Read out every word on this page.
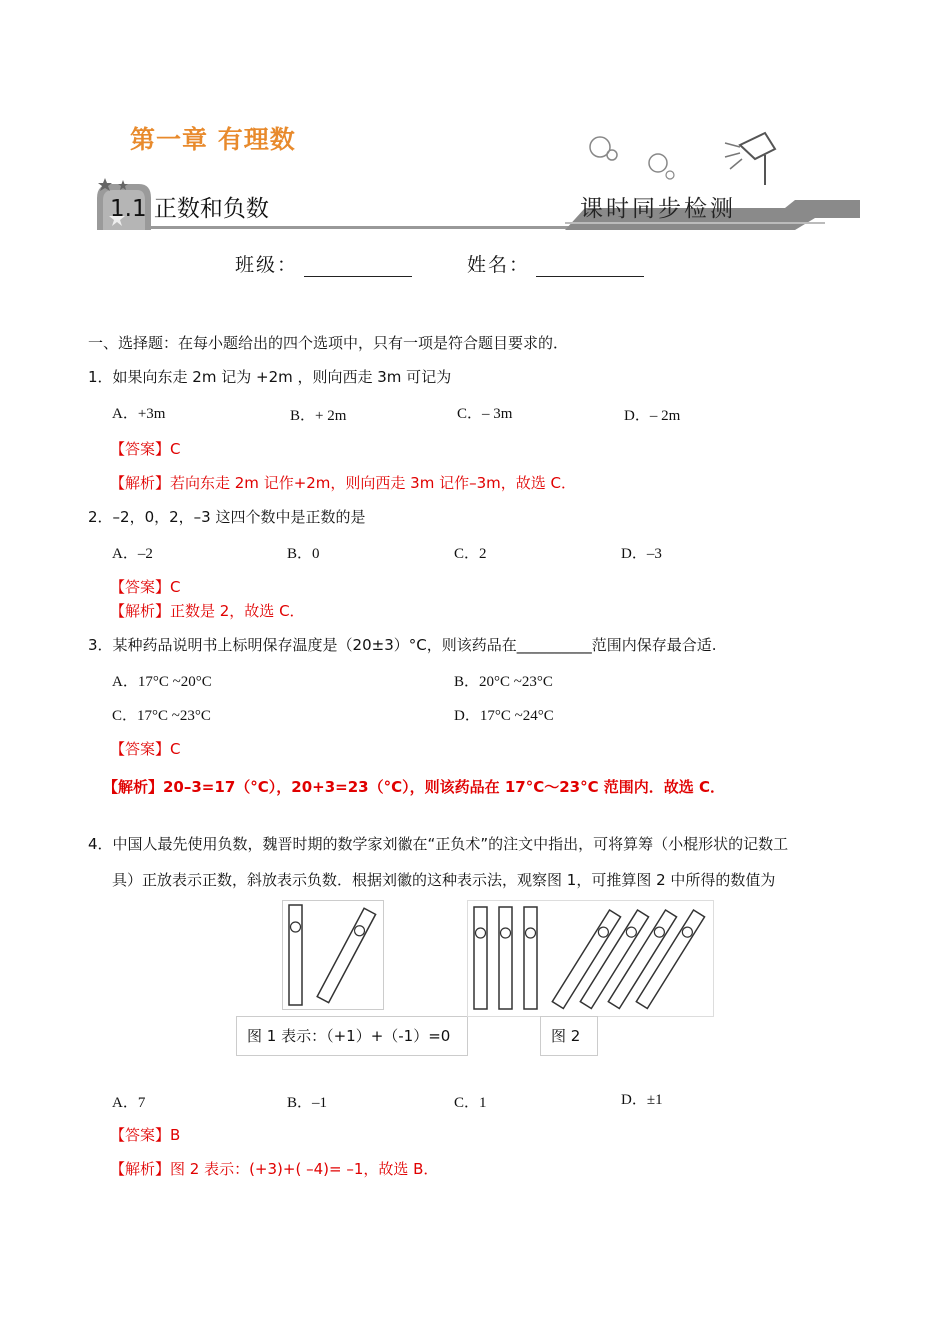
第一章 有理数
1.1 正数和负数	课时同步检测
班级：	姓名：
一、选择题：在每小题给出的四个选项中，只有一项是符合题目要求的．
1．如果向东走 2m 记为 +2m ，则向西走 3m 可记为
A．+3m	B．+ 2m	C．– 3m	D．– 2m
【答案】C
【解析】若向东走 2m 记作+2m，则向西走 3m 记作–3m，故选 C．
2．–2，0，2，–3 这四个数中是正数的是
A．–2	B．0	C．2	D．–3
【答案】C
【解析】正数是 2，故选 C．
3．某种药品说明书上标明保存温度是（20±3）°C，则该药品在__________范围内保存最合适.
A．17°C ~20°C	B．20°C ~23°C
C．17°C ~23°C	D．17°C ~24°C
【答案】C
【解析】20–3=17（°C），20+3=23（°C），则该药品在 17°C～23°C 范围内．故选 C．
4．中国人最先使用负数，魏晋时期的数学家刘徽在“正负术”的注文中指出，可将算筹（小棍形状的记数工
具）正放表示正数，斜放表示负数．根据刘徽的这种表示法，观察图 1，可推算图 2 中所得的数值为
图 1 表示：（+1）+（-1）=0	图 2
A．7	B．–1	C．1	D．±1
【答案】B
【解析】图 2 表示：(+3)+( –4)= –1，故选 B．
